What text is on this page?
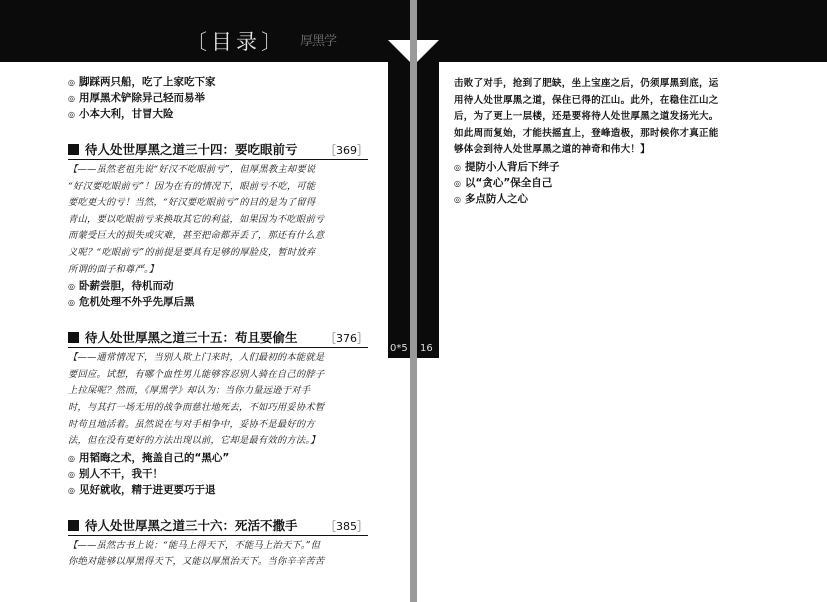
〔目录〕 厚黑学
0*5
◎ 脚踩两只船，吃了上家吃下家
◎ 用厚黑术铲除异己轻而易举
◎ 小本大利，甘冒大险
待人处世厚黑之道三十四：要吃眼前亏 ［369］
【——虽然老祖先说“好汉不吃眼前亏”，但厚黑教主却要说
“好汉要吃眼前亏”！因为在有的情况下，眼前亏不吃，可能
要吃更大的亏！当然，“好汉要吃眼前亏”的目的是为了留得
青山，要以吃眼前亏来换取其它的利益，如果因为不吃眼前亏
而蒙受巨大的损失或灾难，甚至把命都弄丢了，那还有什么意
义呢？“吃眼前亏”的前提是要具有足够的厚脸皮，暂时放弃
所谓的面子和尊严。】
◎ 卧薪尝胆，待机而动
◎ 危机处理不外乎先厚后黑
待人处世厚黑之道三十五：苟且要偷生 ［376］
【——通常情况下，当别人欺上门来时，人们最初的本能就是
要回应。试想，有哪个血性男儿能够容忍别人骑在自己的脖子
上拉屎呢？然而，《厚黑学》却认为：当你力量远逊于对手
时，与其打一场无用的战争而慈壮地死去，不如巧用妥协术暂
时苟且地活着。虽然说在与对手相争中，妥协不是最好的方
法，但在没有更好的方法出现以前，它却是最有效的方法。】
◎ 用韬晦之术，掩盖自己的“黑心”
◎ 别人不干，我干！
◎ 见好就收，精于进更要巧于退
待人处世厚黑之道三十六：死活不撒手 ［385］
【——虽然古书上说：“能马上得天下，不能马上治天下。”但
你绝对能够以厚黑得天下，又能以厚黑治天下。当你辛辛苦苦
16
击败了对手，抢到了肥缺，坐上宝座之后，仍须厚黑到底，运
用待人处世厚黑之道，保住已得的江山。此外，在稳住江山之
后，为了更上一层楼，还是要将待人处世厚黑之道发扬光大。
如此周而复始，才能扶摇直上，登峰造极，那时候你才真正能
够体会到待人处世厚黑之道的神奇和伟大！】
◎ 提防小人背后下绊子
◎ 以“贪心”保全自己
◎ 多点防人之心
